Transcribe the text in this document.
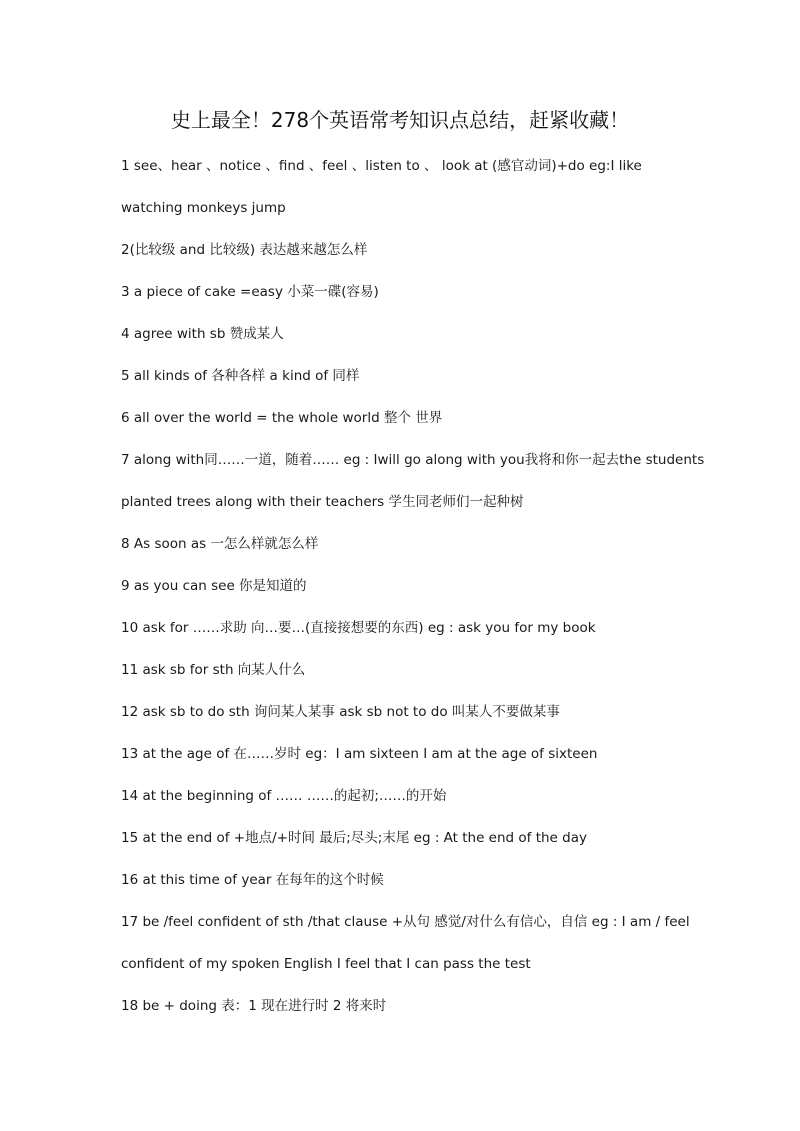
史上最全！278个英语常考知识点总结，赶紧收藏！
1 see、hear 、notice 、find 、feel 、listen to 、 look at (感官动词)+do eg:I like
watching monkeys jump
2(比较级 and 比较级) 表达越来越怎么样
3 a piece of cake =easy 小菜一碟(容易)
4 agree with sb 赞成某人
5 all kinds of 各种各样 a kind of 同样
6 all over the world = the whole world 整个 世界
7 along with同……一道，随着…… eg : Iwill go along with you我将和你一起去the students
planted trees along with their teachers 学生同老师们一起种树
8 As soon as 一怎么样就怎么样
9 as you can see 你是知道的
10 ask for ……求助 向…要…(直接接想要的东西) eg : ask you for my book
11 ask sb for sth 向某人什么
12 ask sb to do sth 询问某人某事 ask sb not to do 叫某人不要做某事
13 at the age of 在……岁时 eg：I am sixteen I am at the age of sixteen
14 at the beginning of …… ……的起初;……的开始
15 at the end of +地点/+时间 最后;尽头;末尾 eg : At the end of the day
16 at this time of year 在每年的这个时候
17 be /feel confident of sth /that clause +从句 感觉/对什么有信心，自信 eg : I am / feel
confident of my spoken English I feel that I can pass the test
18 be + doing 表：1 现在进行时 2 将来时
